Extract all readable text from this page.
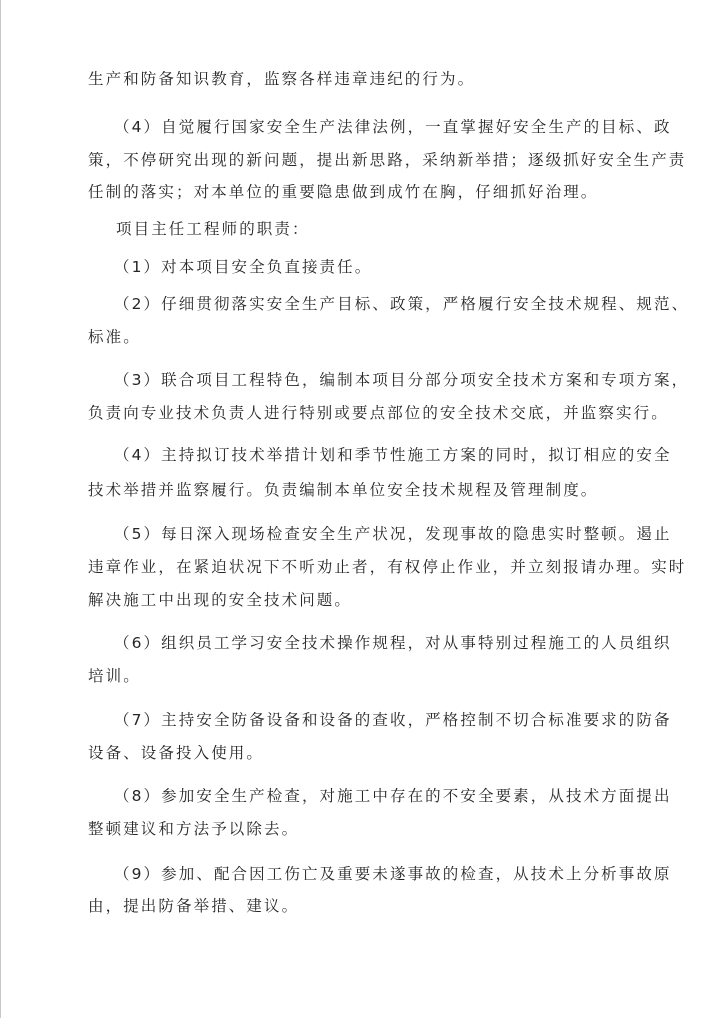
生产和防备知识教育，监察各样违章违纪的行为。
（4）自觉履行国家安全生产法律法例，一直掌握好安全生产的目标、政
策，不停研究出现的新问题，提出新思路，采纳新举措；逐级抓好安全生产责
任制的落实；对本单位的重要隐患做到成竹在胸，仔细抓好治理。
项目主任工程师的职责：
（1）对本项目安全负直接责任。
（2）仔细贯彻落实安全生产目标、政策，严格履行安全技术规程、规范、
标准。
（3）联合项目工程特色，编制本项目分部分项安全技术方案和专项方案，
负责向专业技术负责人进行特别或要点部位的安全技术交底，并监察实行。
（4）主持拟订技术举措计划和季节性施工方案的同时，拟订相应的安全
技术举措并监察履行。负责编制本单位安全技术规程及管理制度。
（5）每日深入现场检查安全生产状况，发现事故的隐患实时整顿。遏止
违章作业，在紧迫状况下不听劝止者，有权停止作业，并立刻报请办理。实时
解决施工中出现的安全技术问题。
（6）组织员工学习安全技术操作规程，对从事特别过程施工的人员组织
培训。
（7）主持安全防备设备和设备的查收，严格控制不切合标准要求的防备
设备、设备投入使用。
（8）参加安全生产检查，对施工中存在的不安全要素，从技术方面提出
整顿建议和方法予以除去。
（9）参加、配合因工伤亡及重要未遂事故的检查，从技术上分析事故原
由，提出防备举措、建议。
